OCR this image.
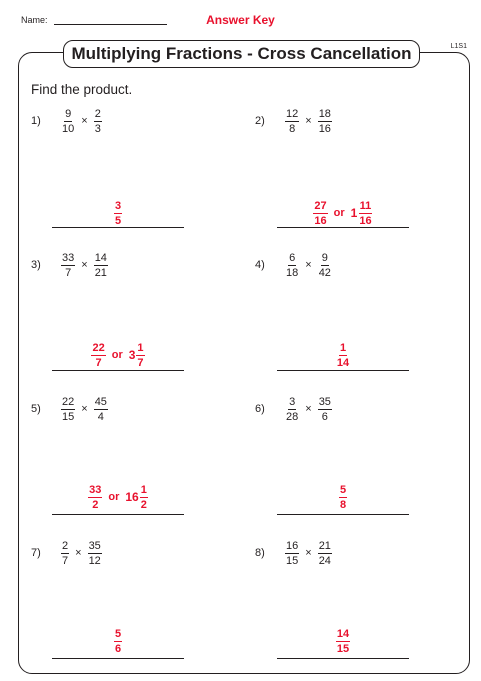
Name:	Answer Key
L1S1
Multiplying Fractions - Cross Cancellation
Find the product.
1)	$\frac{9}{10} \times \frac{2}{3}$
$\frac{3}{5}$
2)	$\frac{12}{8} \times \frac{18}{16}$
$\frac{27}{16}$ or $1 \frac{11}{16}$
3)	$\frac{33}{7} \times \frac{14}{21}$
$\frac{22}{7}$ or $3 \frac{1}{7}$
4)	$\frac{6}{18} \times \frac{9}{42}$
$\frac{1}{14}$
5)	$\frac{22}{15} \times \frac{45}{4}$
$\frac{33}{2}$ or $16 \frac{1}{2}$
6)	$\frac{3}{28} \times \frac{35}{6}$
$\frac{5}{8}$
7)	$\frac{2}{7} \times \frac{35}{12}$
$\frac{5}{6}$
8)	$\frac{16}{15} \times \frac{21}{24}$
$\frac{14}{15}$
